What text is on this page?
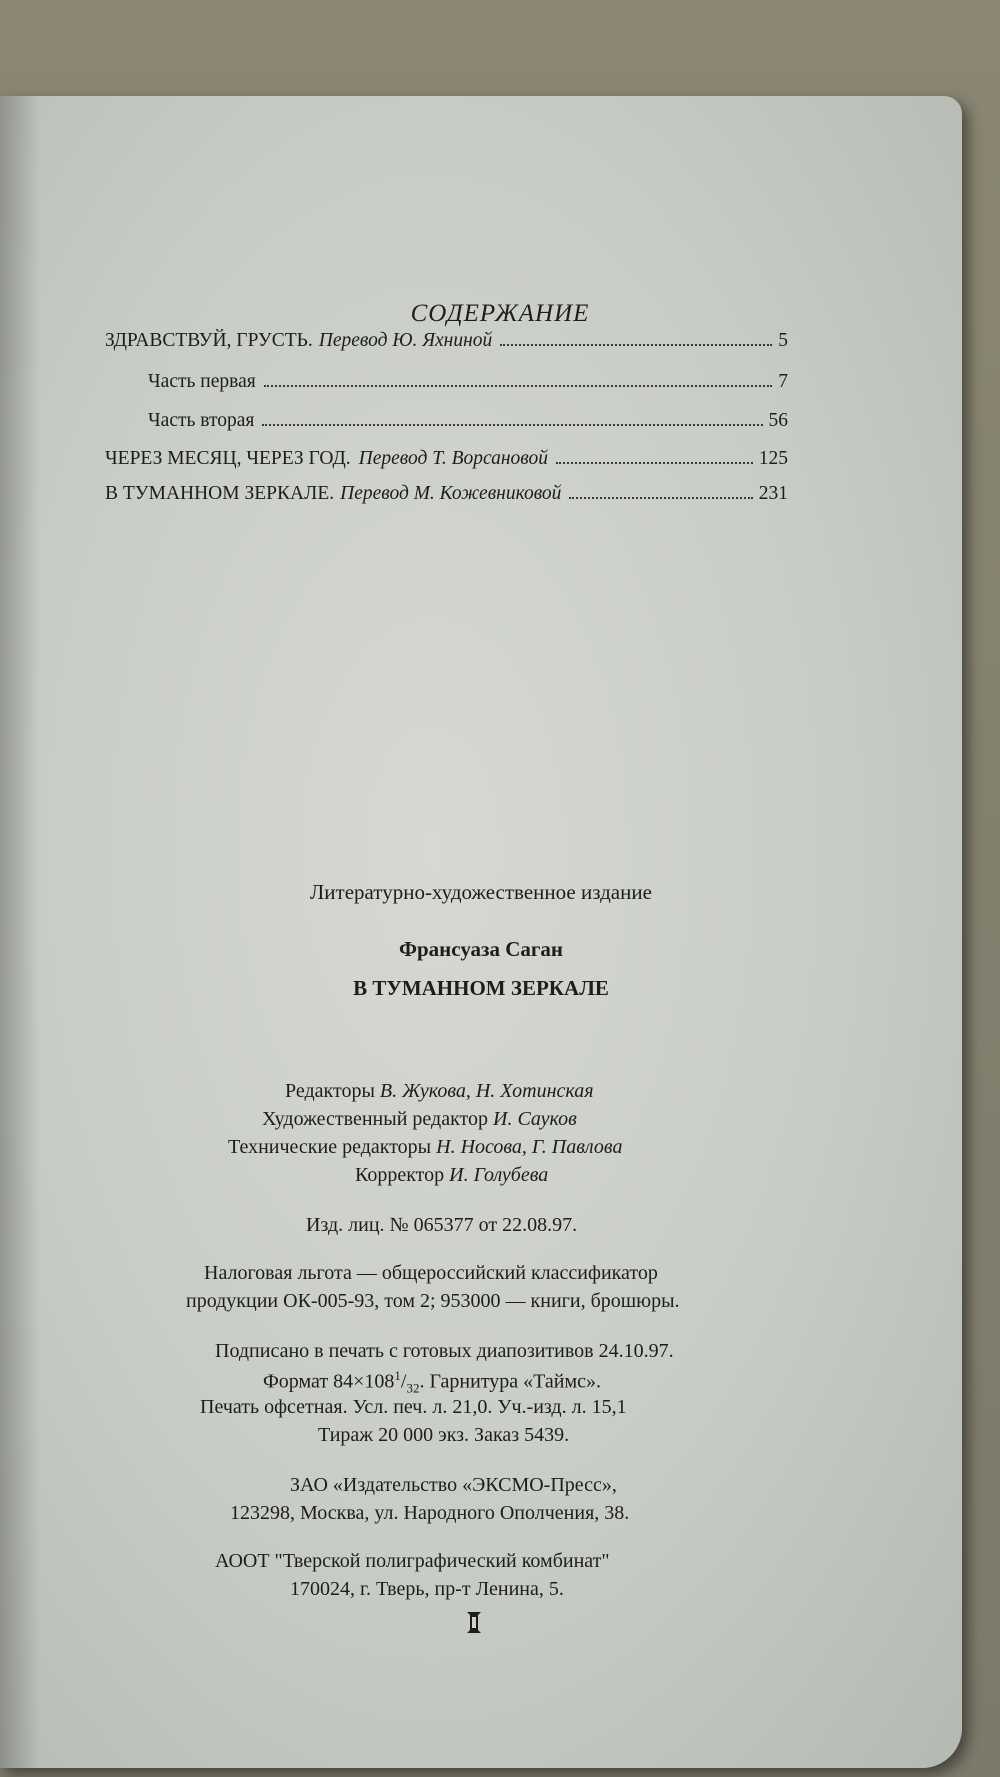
СОДЕРЖАНИЕ
ЗДРАВСТВУЙ, ГРУСТЬ. Перевод Ю. Яхниной	5
Часть первая	7
Часть вторая	56
ЧЕРЕЗ МЕСЯЦ, ЧЕРЕЗ ГОД. Перевод Т. Ворсановой	125
В ТУМАННОМ ЗЕРКАЛЕ. Перевод М. Кожевниковой	231
Литературно-художественное издание
Франсуаза Саган
В ТУМАННОМ ЗЕРКАЛЕ
Редакторы В. Жукова, Н. Хотинская
Художественный редактор И. Сауков
Технические редакторы Н. Носова, Г. Павлова
Корректор И. Голубева
Изд. лиц. № 065377 от 22.08.97.
Налоговая льгота — общероссийский классификатор
продукции ОК-005-93, том 2; 953000 — книги, брошюры.
Подписано в печать с готовых диапозитивов 24.10.97.
Формат $84\times 108^1/_{32}$. Гарнитура «Таймс».
Печать офсетная. Усл. печ. л. 21,0. Уч.-изд. л. 15,1
Тираж 20 000 экз. Заказ 5439.
ЗАО «Издательство «ЭКСМО-Пресс»,
123298, Москва, ул. Народного Ополчения, 38.
АООТ "Тверской полиграфический комбинат"
170024, г. Тверь, пр-т Ленина, 5.
